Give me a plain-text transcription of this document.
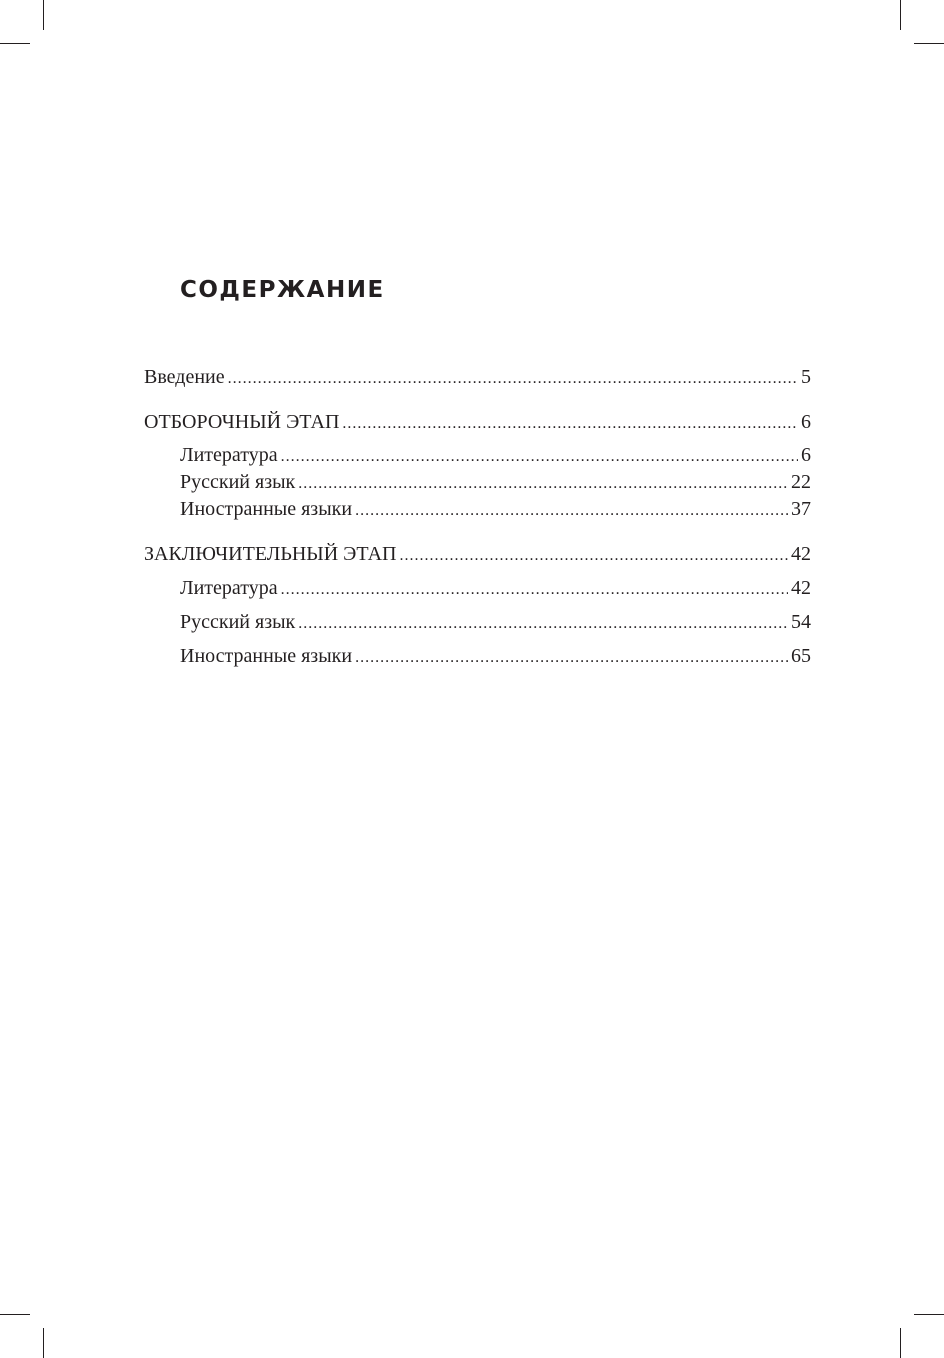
СОДЕРЖАНИЕ
Введение .....	5
ОТБОРОЧНЫЙ ЭТАП .....	6
Литература .....	6
Русский язык .....	22
Иностранные языки .....	37
ЗАКЛЮЧИТЕЛЬНЫЙ ЭТАП .....	42
Литература .....	42
Русский язык .....	54
Иностранные языки .....	65
